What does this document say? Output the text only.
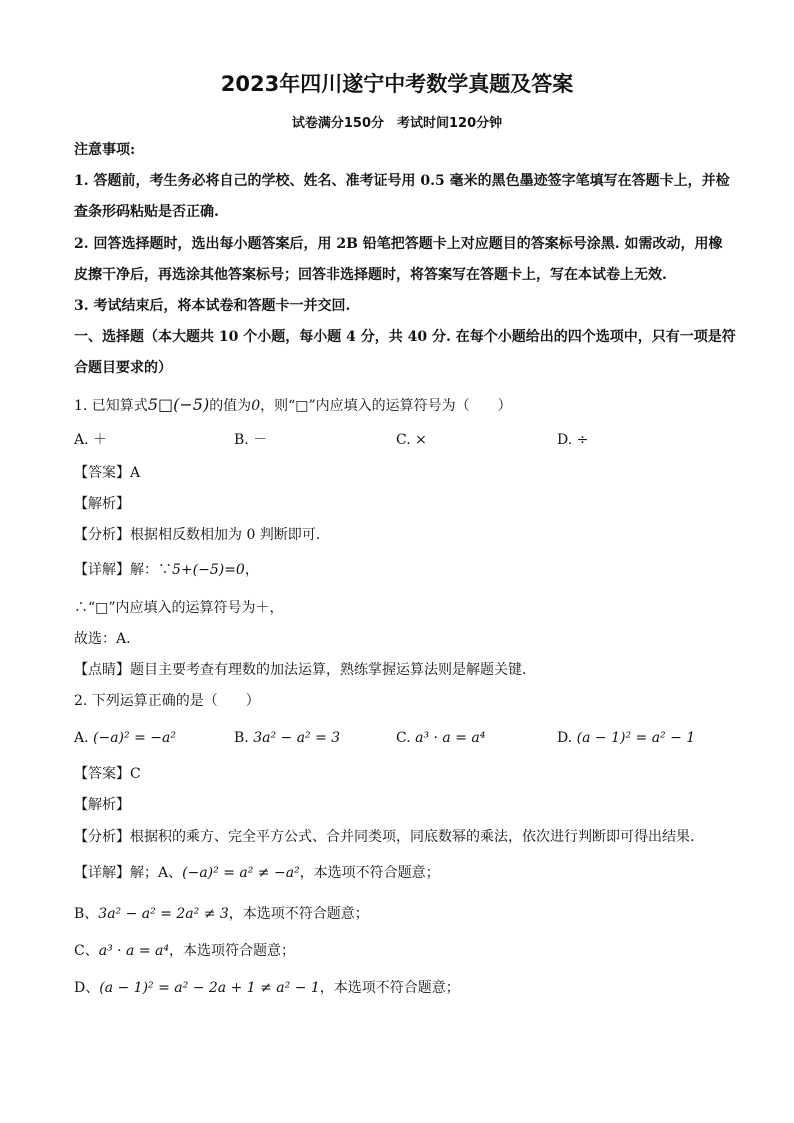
2023年四川遂宁中考数学真题及答案
试卷满分150分　考试时间120分钟
注意事项:
1. 答题前，考生务必将自己的学校、姓名、准考证号用 0.5 毫米的黑色墨迹签字笔填写在答题卡上，并检
查条形码粘贴是否正确.
2. 回答选择题时，选出每小题答案后，用 2B 铅笔把答题卡上对应题目的答案标号涂黑. 如需改动，用橡
皮擦干净后，再选涂其他答案标号；回答非选择题时，将答案写在答题卡上，写在本试卷上无效.
3. 考试结束后，将本试卷和答题卡一并交回.
一、选择题（本大题共 10 个小题，每小题 4 分，共 40 分. 在每个小题给出的四个选项中，只有一项是符
合题目要求的）
1. 已知算式5□(−5)的值为0，则“□”内应填入的运算符号为（　　）
A. ＋	B. －	C. ×	D. ÷
【答案】A
【解析】
【分析】根据相反数相加为 0 判断即可.
【详解】解：∵5+(−5)=0，
∴“□”内应填入的运算符号为＋，
故选：A.
【点睛】题目主要考查有理数的加法运算，熟练掌握运算法则是解题关键.
2. 下列运算正确的是（　　）
A. (−a)² = −a²	B. 3a² − a² = 3	C. a³ · a = a⁴	D. (a − 1)² = a² − 1
【答案】C
【解析】
【分析】根据积的乘方、完全平方公式、合并同类项，同底数幂的乘法，依次进行判断即可得出结果.
【详解】解；A、(−a)² = a² ≠ −a²，本选项不符合题意；
B、3a² − a² = 2a² ≠ 3，本选项不符合题意；
C、a³ · a = a⁴，本选项符合题意；
D、(a − 1)² = a² − 2a + 1 ≠ a² − 1，本选项不符合题意；
